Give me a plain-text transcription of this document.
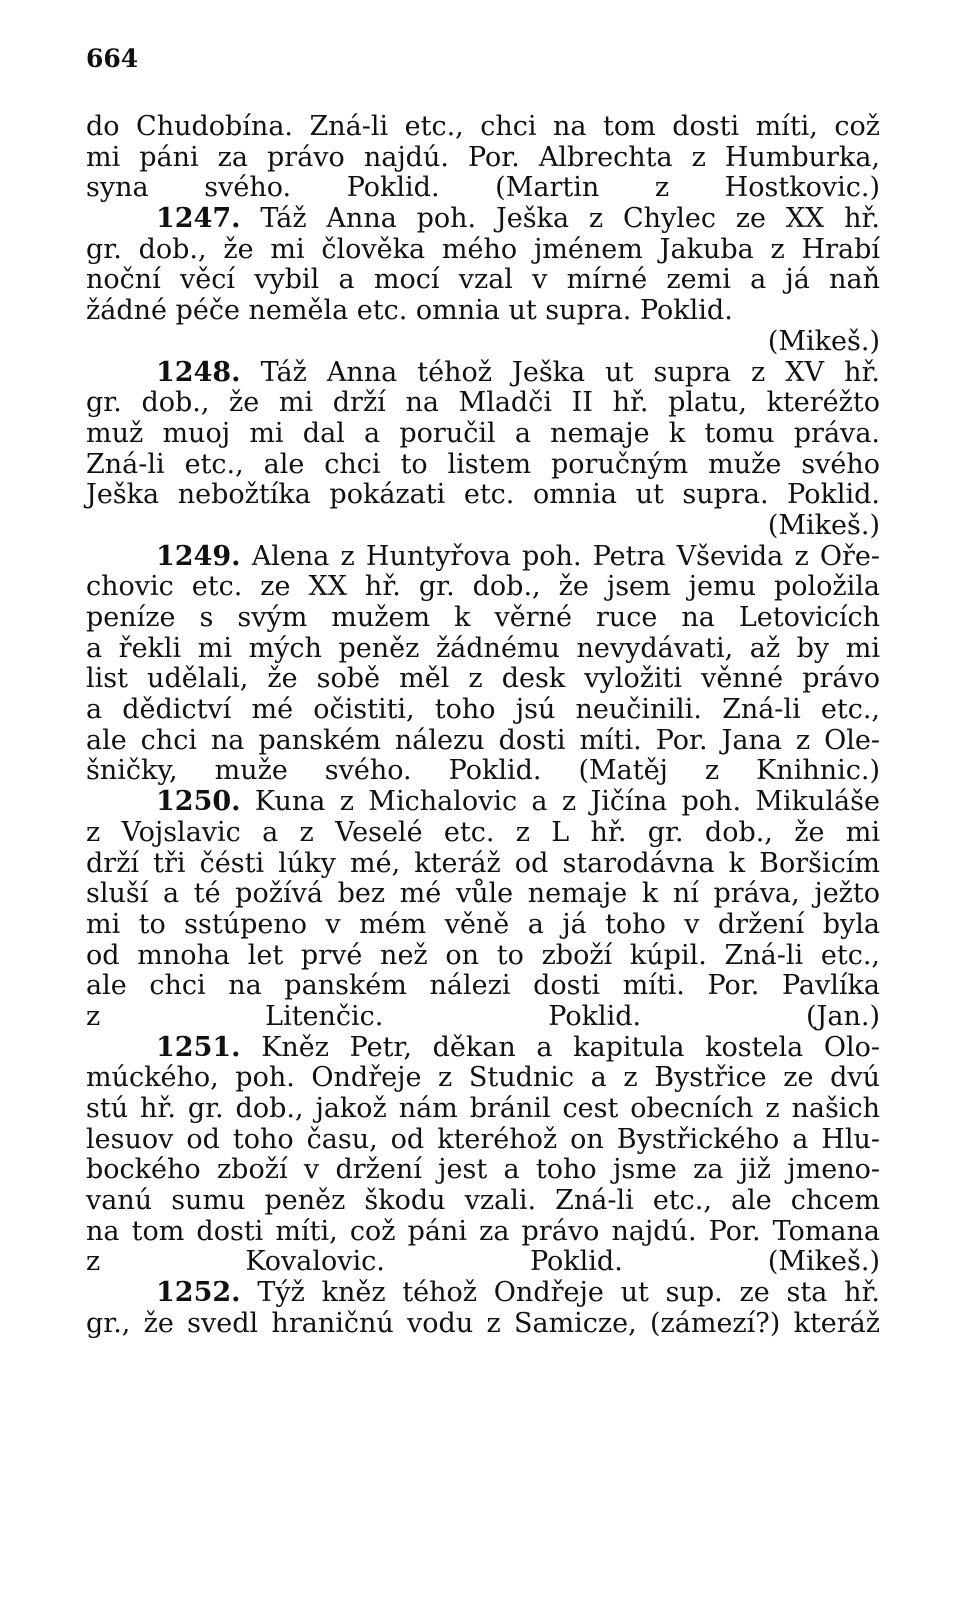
664
do Chudobína. Zná-li etc., chci na tom dosti míti, což
mi páni za právo najdú. Por. Albrechta z Humburka,
syna svého. Poklid. (Martin z Hostkovic.)
1247. Táž Anna poh. Ješka z Chylec ze XX hř.
gr. dob., že mi člověka mého jménem Jakuba z Hrabí
noční věcí vybil a mocí vzal v mírné zemi a já naň
žádné péče neměla etc. omnia ut supra. Poklid.
(Mikeš.)
1248. Táž Anna téhož Ješka ut supra z XV hř.
gr. dob., že mi drží na Mladči II hř. platu, kteréžto
muž muoj mi dal a poručil a nemaje k tomu práva.
Zná-li etc., ale chci to listem poručným muže svého
Ješka nebožtíka pokázati etc. omnia ut supra. Poklid.
(Mikeš.)
1249. Alena z Huntyřova poh. Petra Vševida z Oře-
chovic etc. ze XX hř. gr. dob., že jsem jemu položila
peníze s svým mužem k věrné ruce na Letovicích
a řekli mi mých peněz žádnému nevydávati, až by mi
list udělali, že sobě měl z desk vyložiti věnné právo
a dědictví mé očistiti, toho jsú neučinili. Zná-li etc.,
ale chci na panském nálezu dosti míti. Por. Jana z Ole-
šničky, muže svého. Poklid. (Matěj z Knihnic.)
1250. Kuna z Michalovic a z Jičína poh. Mikuláše
z Vojslavic a z Veselé etc. z L hř. gr. dob., že mi
drží tři čésti lúky mé, kteráž od starodávna k Boršicím
sluší a té požívá bez mé vůle nemaje k ní práva, ježto
mi to sstúpeno v mém věně a já toho v držení byla
od mnoha let prvé než on to zboží kúpil. Zná-li etc.,
ale chci na panském nálezi dosti míti. Por. Pavlíka
z Litenčic. Poklid. (Jan.)
1251. Kněz Petr, děkan a kapitula kostela Olo-
múckého, poh. Ondřeje z Studnic a z Bystřice ze dvú
stú hř. gr. dob., jakož nám bránil cest obecních z našich
lesuov od toho času, od kteréhož on Bystřického a Hlu-
bockého zboží v držení jest a toho jsme za již jmeno-
vanú sumu peněz škodu vzali. Zná-li etc., ale chcem
na tom dosti míti, což páni za právo najdú. Por. Tomana
z Kovalovic. Poklid. (Mikeš.)
1252. Týž kněz téhož Ondřeje ut sup. ze sta hř.
gr., že svedl hraničnú vodu z Samicze, (zámezí?) kteráž
